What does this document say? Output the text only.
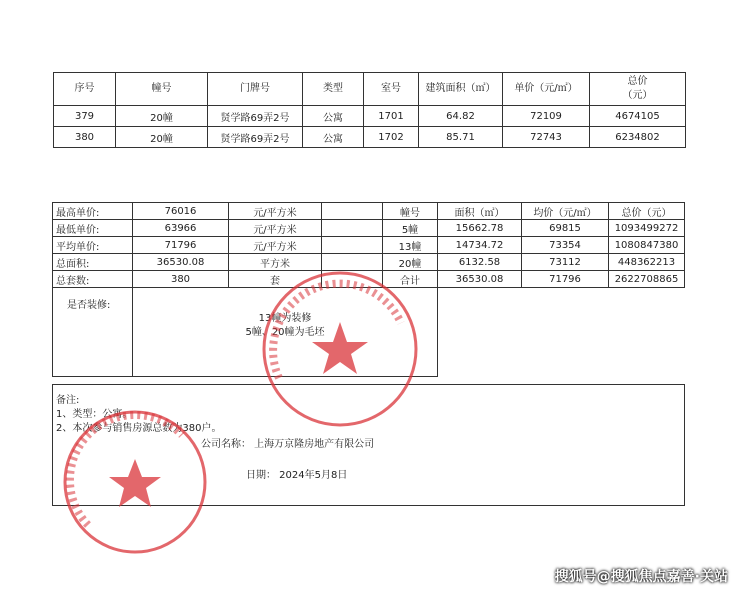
序号	幢号	门牌号	类型	室号	建筑面积（㎡）	单价（元/㎡）	总价
（元）

379	20幢	贤学路69弄2号	公寓	1701	64.82	72109	4674105
380	20幢	贤学路69弄2号	公寓	1702	85.71	72743	6234802
最高单价:	76016	元/平方米		幢号	面积（㎡）	均价（元/㎡）	总价（元）
最低单价:	63966	元/平方米		5幢	15662.78	69815	1093499272
平均单价:	71796	元/平方米		13幢	14734.72	73354	1080847380
总面积:	36530.08	平方米		20幢	6132.58	73112	448362213
总套数:	380	套		合计	36530.08	71796	2622708865
是否装修:	13幢为装修
5幢、20幢为毛坯						

备注:
1、类型：公寓。
2、本次参与销售房源总数为380户。
公司名称： 上海万京隆房地产有限公司
日期： 2024年5月8日
搜狐号@搜狐焦点嘉善·关站
